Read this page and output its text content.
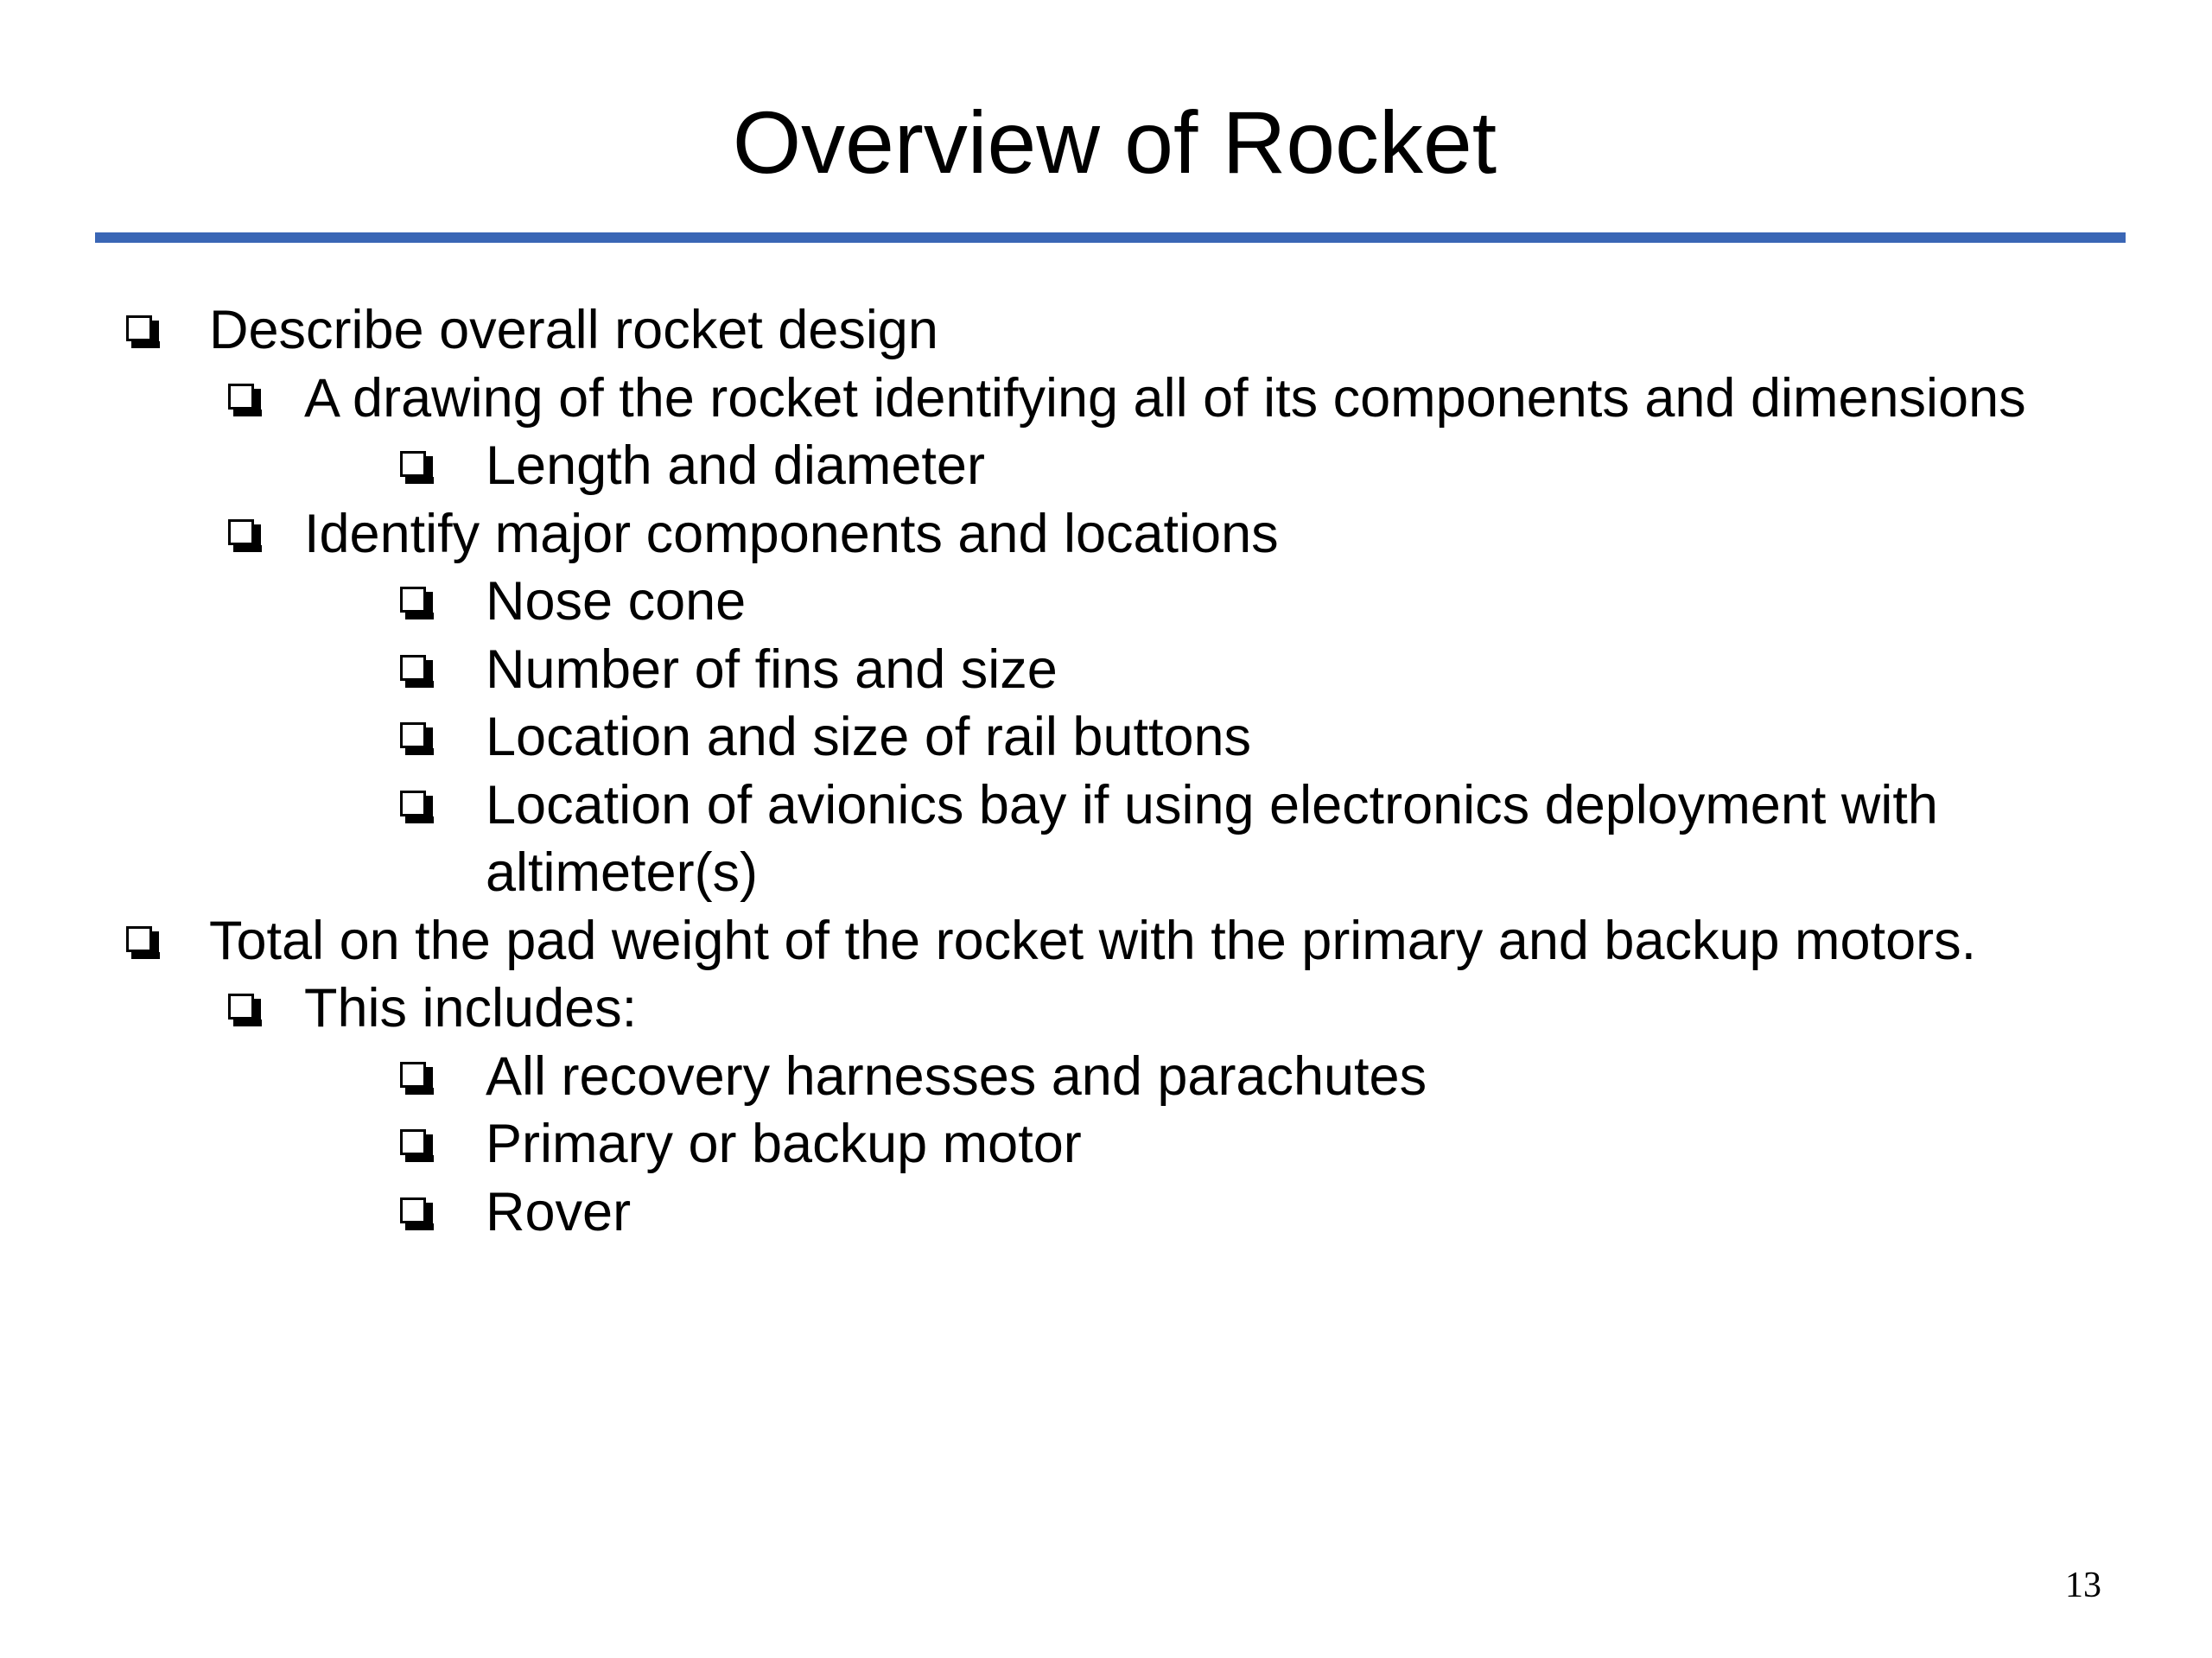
Overview of Rocket
Describe overall rocket design
A drawing of the rocket identifying all of its components and dimensions
Length and diameter
Identify major components and locations
Nose cone
Number of fins and size
Location and size of rail buttons
Location of avionics bay if using electronics deployment with altimeter(s)
Total on the pad weight of the rocket with the primary and backup motors.
This includes:
All recovery harnesses and parachutes
Primary or backup motor
Rover
13
